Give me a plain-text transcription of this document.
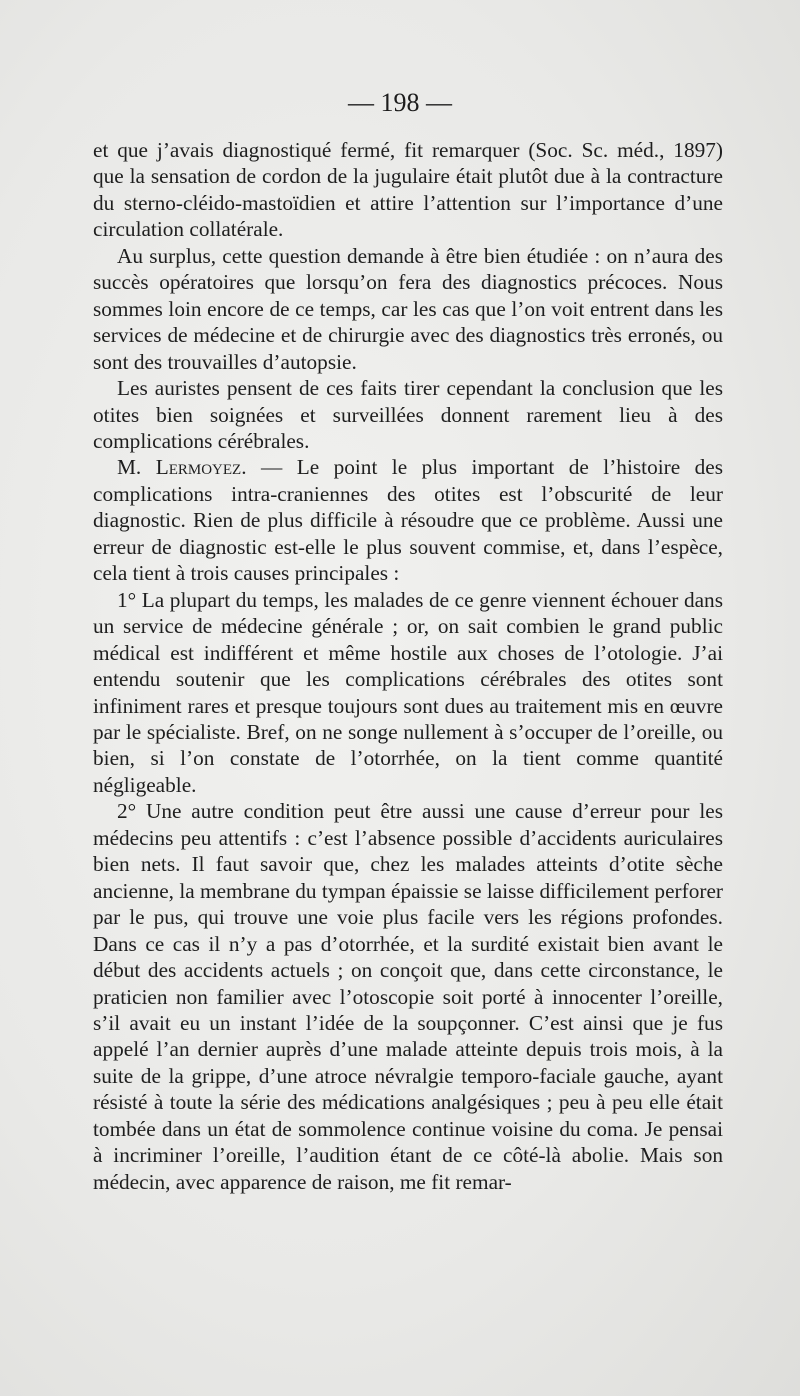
— 198 —

et que j’avais diagnostiqué fermé, fit remarquer (Soc. Sc. méd., 1897) que la sensation de cordon de la jugulaire était plutôt due à la contracture du sterno-cléido-mastoïdien et attire l’attention sur l’importance d’une circulation collatérale.

Au surplus, cette question demande à être bien étudiée : on n’aura des succès opératoires que lorsqu’on fera des diagnostics précoces. Nous sommes loin encore de ce temps, car les cas que l’on voit entrent dans les services de médecine et de chirurgie avec des diagnostics très erronés, ou sont des trouvailles d’autopsie.

Les auristes pensent de ces faits tirer cependant la conclusion que les otites bien soignées et surveillées donnent rarement lieu à des complications cérébrales.

M. Lermoyez. — Le point le plus important de l’histoire des complications intra-craniennes des otites est l’obscurité de leur diagnostic. Rien de plus difficile à résoudre que ce problème. Aussi une erreur de diagnostic est-elle le plus souvent commise, et, dans l’espèce, cela tient à trois causes principales :

1° La plupart du temps, les malades de ce genre viennent échouer dans un service de médecine générale ; or, on sait combien le grand public médical est indifférent et même hostile aux choses de l’otologie. J’ai entendu soutenir que les complications cérébrales des otites sont infiniment rares et presque toujours sont dues au traitement mis en œuvre par le spécialiste. Bref, on ne songe nullement à s’occuper de l’oreille, ou bien, si l’on constate de l’otorrhée, on la tient comme quantité négligeable.

2° Une autre condition peut être aussi une cause d’erreur pour les médecins peu attentifs : c’est l’absence possible d’accidents auriculaires bien nets. Il faut savoir que, chez les malades atteints d’otite sèche ancienne, la membrane du tympan épaissie se laisse difficilement perforer par le pus, qui trouve une voie plus facile vers les régions profondes. Dans ce cas il n’y a pas d’otorrhée, et la surdité existait bien avant le début des accidents actuels ; on conçoit que, dans cette circonstance, le praticien non familier avec l’otoscopie soit porté à innocenter l’oreille, s’il avait eu un instant l’idée de la soupçonner. C’est ainsi que je fus appelé l’an dernier auprès d’une malade atteinte depuis trois mois, à la suite de la grippe, d’une atroce névralgie temporo-faciale gauche, ayant résisté à toute la série des médications analgésiques ; peu à peu elle était tombée dans un état de sommolence continue voisine du coma. Je pensai à incriminer l’oreille, l’audition étant de ce côté-là abolie. Mais son médecin, avec apparence de raison, me fit remar-
